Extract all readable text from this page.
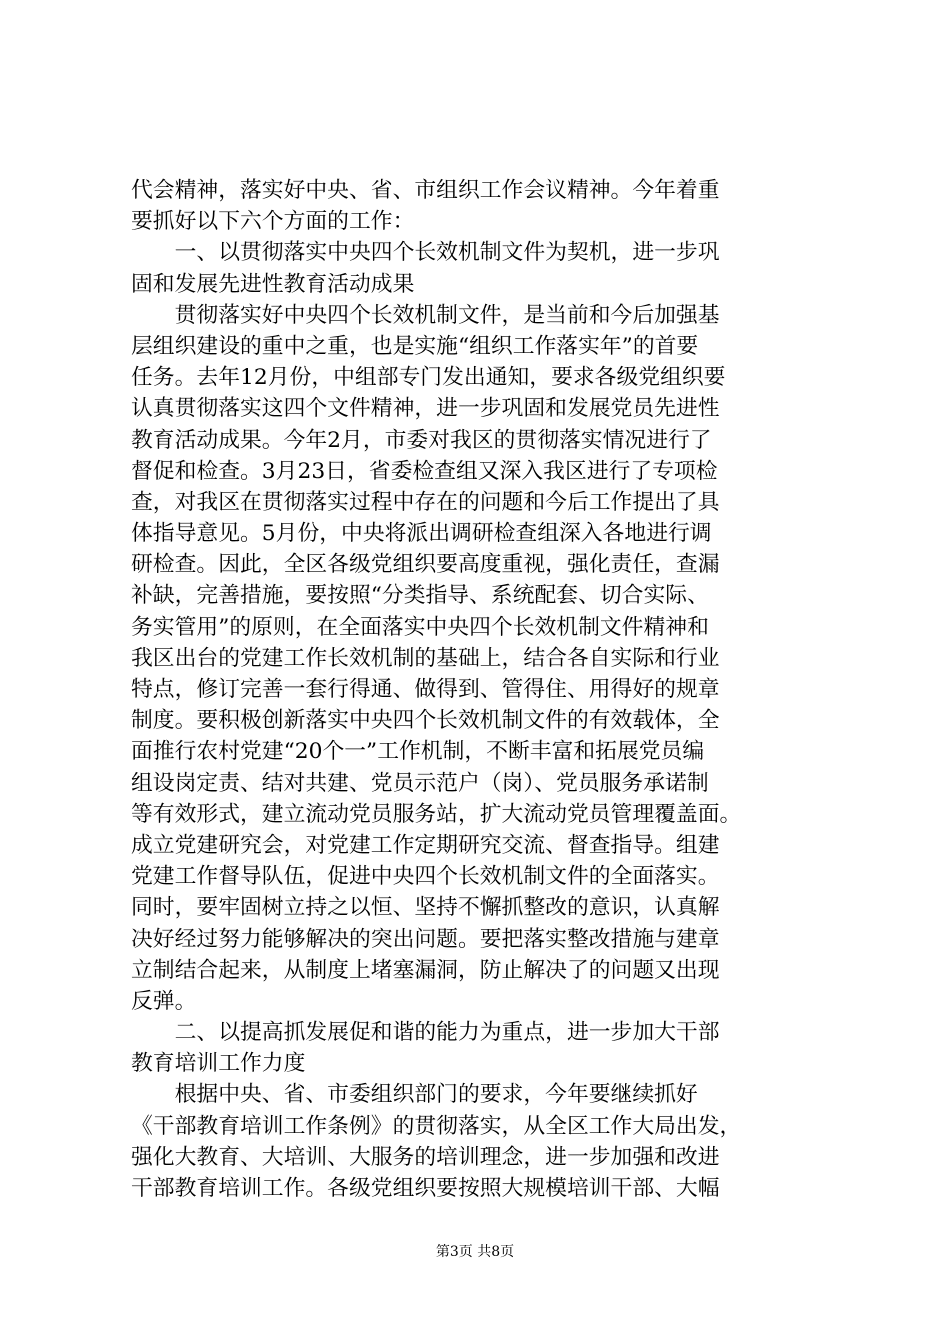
代会精神，落实好中央、省、市组织工作会议精神。今年着重
要抓好以下六个方面的工作：
　　一、以贯彻落实中央四个长效机制文件为契机，进一步巩
固和发展先进性教育活动成果
　　贯彻落实好中央四个长效机制文件，是当前和今后加强基
层组织建设的重中之重，也是实施“组织工作落实年”的首要
任务。去年12月份，中组部专门发出通知，要求各级党组织要
认真贯彻落实这四个文件精神，进一步巩固和发展党员先进性
教育活动成果。今年2月，市委对我区的贯彻落实情况进行了
督促和检查。3月23日，省委检查组又深入我区进行了专项检
查，对我区在贯彻落实过程中存在的问题和今后工作提出了具
体指导意见。5月份，中央将派出调研检查组深入各地进行调
研检查。因此，全区各级党组织要高度重视，强化责任，查漏
补缺，完善措施，要按照“分类指导、系统配套、切合实际、
务实管用”的原则，在全面落实中央四个长效机制文件精神和
我区出台的党建工作长效机制的基础上，结合各自实际和行业
特点，修订完善一套行得通、做得到、管得住、用得好的规章
制度。要积极创新落实中央四个长效机制文件的有效载体，全
面推行农村党建“20个一”工作机制，不断丰富和拓展党员编
组设岗定责、结对共建、党员示范户（岗）、党员服务承诺制
等有效形式，建立流动党员服务站，扩大流动党员管理覆盖面。
成立党建研究会，对党建工作定期研究交流、督查指导。组建
党建工作督导队伍，促进中央四个长效机制文件的全面落实。
同时，要牢固树立持之以恒、坚持不懈抓整改的意识，认真解
决好经过努力能够解决的突出问题。要把落实整改措施与建章
立制结合起来，从制度上堵塞漏洞，防止解决了的问题又出现
反弹。
　　二、以提高抓发展促和谐的能力为重点，进一步加大干部
教育培训工作力度
　　根据中央、省、市委组织部门的要求，今年要继续抓好
《干部教育培训工作条例》的贯彻落实，从全区工作大局出发，
强化大教育、大培训、大服务的培训理念，进一步加强和改进
干部教育培训工作。各级党组织要按照大规模培训干部、大幅
第3页 共8页
